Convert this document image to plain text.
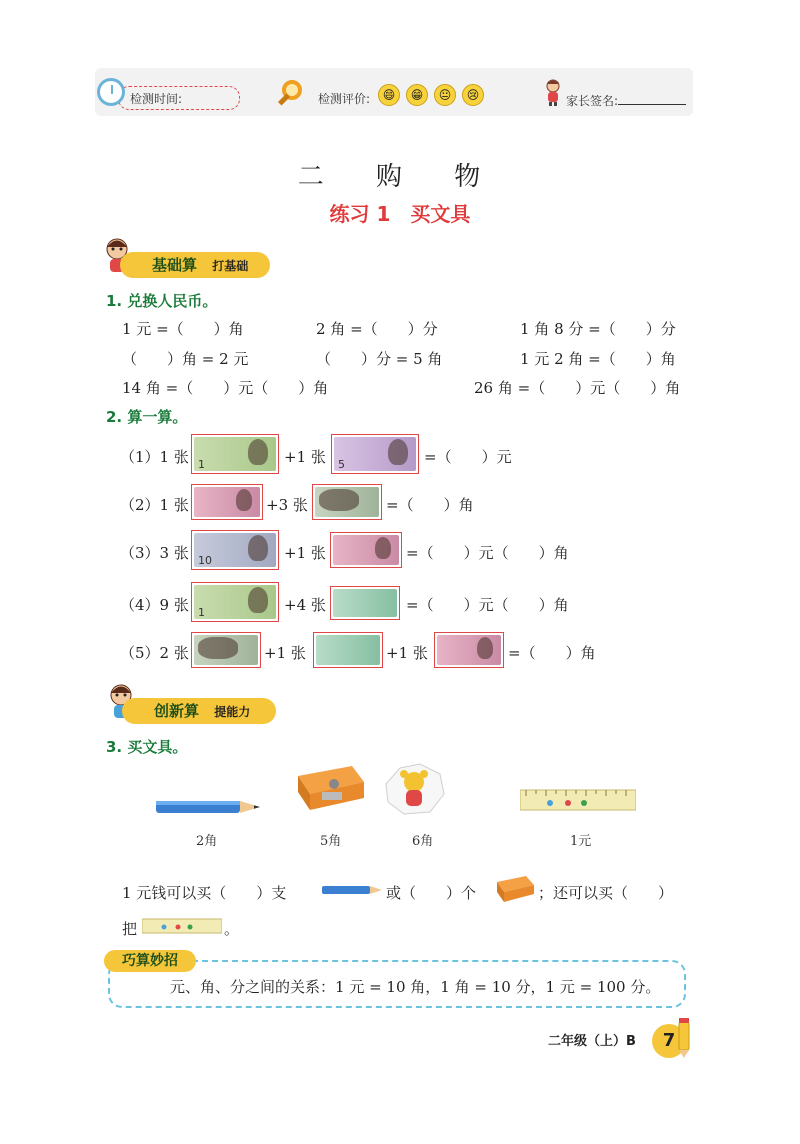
检测时间:	检测评价:	😄	😁	😐	😢	家长签名:
二 购 物
练习 1　买文具
基础算 打基础
1. 兑换人民币。
1 元 =（　　）角	2 角 =（　　）分	1 角 8 分 =（　　）分
（　　）角 = 2 元	（　　）分 = 5 角	1 元 2 角 =（　　）角
14 角 =（　　）元（　　）角	26 角 =（　　）元（　　）角
2. 算一算。
（1）1 张 1	+1 张 5	=（　　）元
（2）1 张	+3 张	=（　　）角
（3）3 张 10	+1 张	=（　　）元（　　）角
（4）9 张 1	+4 张	=（　　）元（　　）角
（5）2 张	+1 张	+1 张	=（　　）角
创新算 提能力
3. 买文具。
2角	5角	6角	1元
1 元钱可以买（　　）支	或（　　）个	；还可以买（　　）
把	。
巧算妙招
元、角、分之间的关系：1 元 = 10 角，1 角 = 10 分，1 元 = 100 分。
二年级（上）B	7
